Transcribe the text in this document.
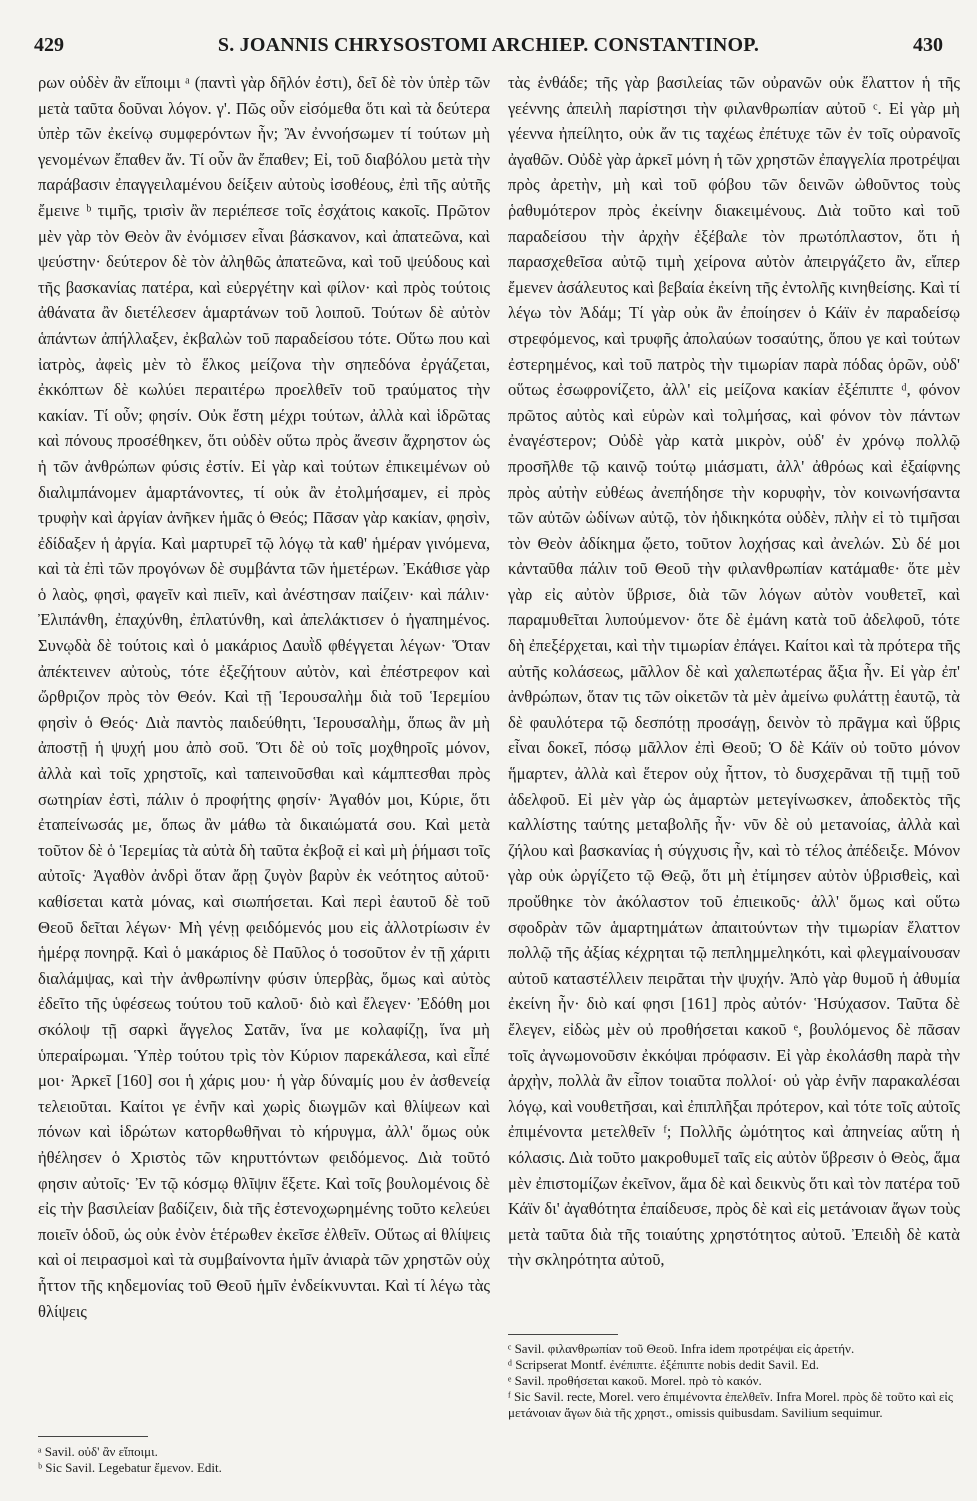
429	S. JOANNIS CHRYSOSTOMI ARCHIEP. CONSTANTINOP.	430

ρων οὐδὲν ἂν εἴποιμι ᵃ (παντὶ γὰρ δῆλόν ἐστι), δεῖ δὲ τὸν ὑπὲρ τῶν μετὰ ταῦτα δοῦναι λόγον. γ'. Πῶς οὖν εἰσόμεθα ὅτι καὶ τὰ δεύτερα ὑπὲρ τῶν ἐκείνῳ συμφερόντων ἦν; Ἂν ἐννοήσωμεν τί τούτων μὴ γενομένων ἔπαθεν ἄν. Τί οὖν ἂν ἔπαθεν; Εἰ, τοῦ διαβόλου μετὰ τὴν παράβασιν ἐπαγγειλαμένου δείξειν αὐτοὺς ἰσοθέους, ἐπὶ τῆς αὐτῆς ἔμεινε ᵇ τιμῆς, τρισὶν ἂν περιέπεσε τοῖς ἐσχάτοις κακοῖς. Πρῶτον μὲν γὰρ τὸν Θεὸν ἂν ἐνόμισεν εἶναι βάσκανον, καὶ ἀπατεῶνα, καὶ ψεύστην· δεύτερον δὲ τὸν ἀληθῶς ἀπατεῶνα, καὶ τοῦ ψεύδους καὶ τῆς βασκανίας πατέρα, καὶ εὐεργέτην καὶ φίλον· καὶ πρὸς τούτοις ἀθάνατα ἂν διετέλεσεν ἁμαρτάνων τοῦ λοιποῦ. Τούτων δὲ αὐτὸν ἁπάντων ἀπήλλαξεν, ἐκβαλὼν τοῦ παραδείσου τότε. Οὕτω που καὶ ἰατρὸς, ἀφεὶς μὲν τὸ ἕλκος μείζονα τὴν σηπεδόνα ἐργάζεται, ἐκκόπτων δὲ κωλύει περαιτέρω προελθεῖν τοῦ τραύματος τὴν κακίαν. Τί οὖν; φησίν. Οὐκ ἔστη μέχρι τούτων, ἀλλὰ καὶ ἱδρῶτας καὶ πόνους προσέθηκεν, ὅτι οὐδὲν οὕτω πρὸς ἄνεσιν ἄχρηστον ὡς ἡ τῶν ἀνθρώπων φύσις ἐστίν. Εἰ γὰρ καὶ τούτων ἐπικειμένων οὐ διαλιμπάνομεν ἁμαρτάνοντες, τί οὐκ ἂν ἐτολμήσαμεν, εἰ πρὸς τρυφὴν καὶ ἀργίαν ἀνῆκεν ἡμᾶς ὁ Θεός; Πᾶσαν γὰρ κακίαν, φησὶν, ἐδίδαξεν ἡ ἀργία. Καὶ μαρτυρεῖ τῷ λόγῳ τὰ καθ' ἡμέραν γινόμενα, καὶ τὰ ἐπὶ τῶν προγόνων δὲ συμβάντα τῶν ἡμετέρων. Ἐκάθισε γὰρ ὁ λαὸς, φησὶ, φαγεῖν καὶ πιεῖν, καὶ ἀνέστησαν παίζειν· καὶ πάλιν· Ἐλιπάνθη, ἐπαχύνθη, ἐπλατύνθη, καὶ ἀπελάκτισεν ὁ ἠγαπημένος. Συνῳδὰ δὲ τούτοις καὶ ὁ μακάριος Δαυῒδ φθέγγεται λέγων· Ὅταν ἀπέκτεινεν αὐτοὺς, τότε ἐξεζήτουν αὐτὸν, καὶ ἐπέστρεφον καὶ ὤρθριζον πρὸς τὸν Θεόν. Καὶ τῇ Ἱερουσαλὴμ διὰ τοῦ Ἱερεμίου φησὶν ὁ Θεός· Διὰ παντὸς παιδεύθητι, Ἱερουσαλὴμ, ὅπως ἂν μὴ ἀποστῇ ἡ ψυχή μου ἀπὸ σοῦ. Ὅτι δὲ οὐ τοῖς μοχθηροῖς μόνον, ἀλλὰ καὶ τοῖς χρηστοῖς, καὶ ταπεινοῦσθαι καὶ κάμπτεσθαι πρὸς σωτηρίαν ἐστὶ, πάλιν ὁ προφήτης φησίν· Ἀγαθόν μοι, Κύριε, ὅτι ἐταπείνωσάς με, ὅπως ἂν μάθω τὰ δικαιώματά σου. Καὶ μετὰ τοῦτον δὲ ὁ Ἱερεμίας τὰ αὐτὰ δὴ ταῦτα ἐκβοᾷ εἰ καὶ μὴ ῥήμασι τοῖς αὐτοῖς· Ἀγαθὸν ἀνδρὶ ὅταν ἄρῃ ζυγὸν βαρὺν ἐκ νεότητος αὐτοῦ· καθίσεται κατὰ μόνας, καὶ σιωπήσεται. Καὶ περὶ ἑαυτοῦ δὲ τοῦ Θεοῦ δεῖται λέγων· Μὴ γένῃ φειδόμενός μου εἰς ἀλλοτρίωσιν ἐν ἡμέρᾳ πονηρᾷ. Καὶ ὁ μακάριος δὲ Παῦλος ὁ τοσοῦτον ἐν τῇ χάριτι διαλάμψας, καὶ τὴν ἀνθρωπίνην φύσιν ὑπερβὰς, ὅμως καὶ αὐτὸς ἐδεῖτο τῆς ὑφέσεως τούτου τοῦ καλοῦ· διὸ καὶ ἔλεγεν· Ἐδόθη μοι σκόλοψ τῇ σαρκὶ ἄγγελος Σατᾶν, ἵνα με κολαφίζῃ, ἵνα μὴ ὑπεραίρωμαι. Ὑπὲρ τούτου τρὶς τὸν Κύριον παρεκάλεσα, καὶ εἶπέ μοι· Ἀρκεῖ [160] σοι ἡ χάρις μου· ἡ γὰρ δύναμίς μου ἐν ἀσθενείᾳ τελειοῦται. Καίτοι γε ἐνῆν καὶ χωρὶς διωγμῶν καὶ θλίψεων καὶ πόνων καὶ ἱδρώτων κατορθωθῆναι τὸ κήρυγμα, ἀλλ' ὅμως οὐκ ἠθέλησεν ὁ Χριστὸς τῶν κηρυττόντων φειδόμενος. Διὰ τοῦτό φησιν αὐτοῖς· Ἐν τῷ κόσμῳ θλῖψιν ἕξετε. Καὶ τοῖς βουλομένοις δὲ εἰς τὴν βασιλείαν βαδίζειν, διὰ τῆς ἐστενοχωρημένης τοῦτο κελεύει ποιεῖν ὁδοῦ, ὡς οὐκ ἐνὸν ἑτέρωθεν ἐκεῖσε ἐλθεῖν. Οὕτως αἱ θλίψεις καὶ οἱ πειρασμοὶ καὶ τὰ συμβαίνοντα ἡμῖν ἀνιαρὰ τῶν χρηστῶν οὐχ ἧττον τῆς κηδεμονίας τοῦ Θεοῦ ἡμῖν ἐνδείκνυνται. Καὶ τί λέγω τὰς θλίψεις

τὰς ἐνθάδε; τῆς γὰρ βασιλείας τῶν οὐρανῶν οὐκ ἔλαττον ἡ τῆς γεέννης ἀπειλὴ παρίστησι τὴν φιλανθρωπίαν αὐτοῦ ᶜ. Εἰ γὰρ μὴ γέεννα ἠπείλητο, οὐκ ἄν τις ταχέως ἐπέτυχε τῶν ἐν τοῖς οὐρανοῖς ἀγαθῶν. Οὐδὲ γὰρ ἀρκεῖ μόνη ἡ τῶν χρηστῶν ἐπαγγελία προτρέψαι πρὸς ἀρετὴν, μὴ καὶ τοῦ φόβου τῶν δεινῶν ὠθοῦντος τοὺς ῥαθυμότερον πρὸς ἐκείνην διακειμένους. Διὰ τοῦτο καὶ τοῦ παραδείσου τὴν ἀρχὴν ἐξέβαλε τὸν πρωτόπλαστον, ὅτι ἡ παρασχεθεῖσα αὐτῷ τιμὴ χείρονα αὐτὸν ἀπειργάζετο ἂν, εἴπερ ἔμενεν ἀσάλευτος καὶ βεβαία ἐκείνη τῆς ἐντολῆς κινηθείσης. Καὶ τί λέγω τὸν Ἀδάμ; Τί γὰρ οὐκ ἂν ἐποίησεν ὁ Κάϊν ἐν παραδείσῳ στρεφόμενος, καὶ τρυφῆς ἀπολαύων τοσαύτης, ὅπου γε καὶ τούτων ἐστερημένος, καὶ τοῦ πατρὸς τὴν τιμωρίαν παρὰ πόδας ὁρῶν, οὐδ' οὕτως ἐσωφρονίζετο, ἀλλ' εἰς μείζονα κακίαν ἐξέπιπτε ᵈ, φόνον πρῶτος αὐτὸς καὶ εὑρὼν καὶ τολμήσας, καὶ φόνον τὸν πάντων ἐναγέστερον; Οὐδὲ γὰρ κατὰ μικρὸν, οὐδ' ἐν χρόνῳ πολλῷ προσῆλθε τῷ καινῷ τούτῳ μιάσματι, ἀλλ' ἀθρόως καὶ ἐξαίφνης πρὸς αὐτὴν εὐθέως ἀνεπήδησε τὴν κορυφὴν, τὸν κοινωνήσαντα τῶν αὐτῶν ὠδίνων αὐτῷ, τὸν ἠδικηκότα οὐδὲν, πλὴν εἰ τὸ τιμῆσαι τὸν Θεὸν ἀδίκημα ᾤετο, τοῦτον λοχήσας καὶ ἀνελών. Σὺ δέ μοι κἀνταῦθα πάλιν τοῦ Θεοῦ τὴν φιλανθρωπίαν κατάμαθε· ὅτε μὲν γὰρ εἰς αὐτὸν ὕβρισε, διὰ τῶν λόγων αὐτὸν νουθετεῖ, καὶ παραμυθεῖται λυπούμενον· ὅτε δὲ ἐμάνη κατὰ τοῦ ἀδελφοῦ, τότε δὴ ἐπεξέρχεται, καὶ τὴν τιμωρίαν ἐπάγει. Καίτοι καὶ τὰ πρότερα τῆς αὐτῆς κολάσεως, μᾶλλον δὲ καὶ χαλεπωτέρας ἄξια ἦν. Εἰ γὰρ ἐπ' ἀνθρώπων, ὅταν τις τῶν οἰκετῶν τὰ μὲν ἀμείνω φυλάττῃ ἑαυτῷ, τὰ δὲ φαυλότερα τῷ δεσπότῃ προσάγῃ, δεινὸν τὸ πρᾶγμα καὶ ὕβρις εἶναι δοκεῖ, πόσῳ μᾶλλον ἐπὶ Θεοῦ; Ὁ δὲ Κάϊν οὐ τοῦτο μόνον ἥμαρτεν, ἀλλὰ καὶ ἕτερον οὐχ ἧττον, τὸ δυσχερᾶναι τῇ τιμῇ τοῦ ἀδελφοῦ. Εἰ μὲν γὰρ ὡς ἁμαρτὼν μετεγίνωσκεν, ἀποδεκτὸς τῆς καλλίστης ταύτης μεταβολῆς ἦν· νῦν δὲ οὐ μετανοίας, ἀλλὰ καὶ ζήλου καὶ βασκανίας ἡ σύγχυσις ἦν, καὶ τὸ τέλος ἀπέδειξε. Μόνον γὰρ οὐκ ὠργίζετο τῷ Θεῷ, ὅτι μὴ ἐτίμησεν αὐτὸν ὑβρισθεὶς, καὶ προὔθηκε τὸν ἀκόλαστον τοῦ ἐπιεικοῦς· ἀλλ' ὅμως καὶ οὕτω σφοδρὰν τῶν ἁμαρτημάτων ἀπαιτούντων τὴν τιμωρίαν ἔλαττον πολλῷ τῆς ἀξίας κέχρηται τῷ πεπλημμεληκότι, καὶ φλεγμαίνουσαν αὐτοῦ καταστέλλειν πειρᾶται τὴν ψυχήν. Ἀπὸ γὰρ θυμοῦ ἡ ἀθυμία ἐκείνη ἦν· διὸ καί φησι [161] πρὸς αὐτόν· Ἡσύχασον. Ταῦτα δὲ ἔλεγεν, εἰδὼς μὲν οὐ προθήσεται κακοῦ ᵉ, βουλόμενος δὲ πᾶσαν τοῖς ἀγνωμονοῦσιν ἐκκόψαι πρόφασιν. Εἰ γὰρ ἐκολάσθη παρὰ τὴν ἀρχὴν, πολλὰ ἂν εἶπον τοιαῦτα πολλοί· οὐ γὰρ ἐνῆν παρακαλέσαι λόγῳ, καὶ νουθετῆσαι, καὶ ἐπιπλῆξαι πρότερον, καὶ τότε τοῖς αὐτοῖς ἐπιμένοντα μετελθεῖν ᶠ; Πολλῆς ὠμότητος καὶ ἀπηνείας αὕτη ἡ κόλασις. Διὰ τοῦτο μακροθυμεῖ ταῖς εἰς αὐτὸν ὕβρεσιν ὁ Θεὸς, ἅμα μὲν ἐπιστομίζων ἐκεῖνον, ἅμα δὲ καὶ δεικνὺς ὅτι καὶ τὸν πατέρα τοῦ Κάϊν δι' ἀγαθότητα ἐπαίδευσε, πρὸς δὲ καὶ εἰς μετάνοιαν ἄγων τοὺς μετὰ ταῦτα διὰ τῆς τοιαύτης χρηστότητος αὐτοῦ. Ἐπειδὴ δὲ κατὰ τὴν σκληρότητα αὐτοῦ,

ᵃ Savil. οὐδ' ἂν εἴποιμι.

ᵇ Sic Savil. Legebatur ἔμενον. Edit.

ᶜ Savil. φιλανθρωπίαν τοῦ Θεοῦ. Infra idem προτρέψαι εἰς ἀρετήν.

ᵈ Scripserat Montf. ἐνέπιπτε. ἐξέπιπτε nobis dedit Savil. Ed.

ᵉ Savil. προθήσεται κακοῦ. Morel. πρὸ τὸ κακόν.

ᶠ Sic Savil. recte, Morel. vero ἐπιμένοντα ἐπελθεῖν. Infra Morel. πρὸς δὲ τοῦτο καὶ εἰς μετάνοιαν ἄγων διὰ τῆς χρηστ., omissis quibusdam. Savilium sequimur.
